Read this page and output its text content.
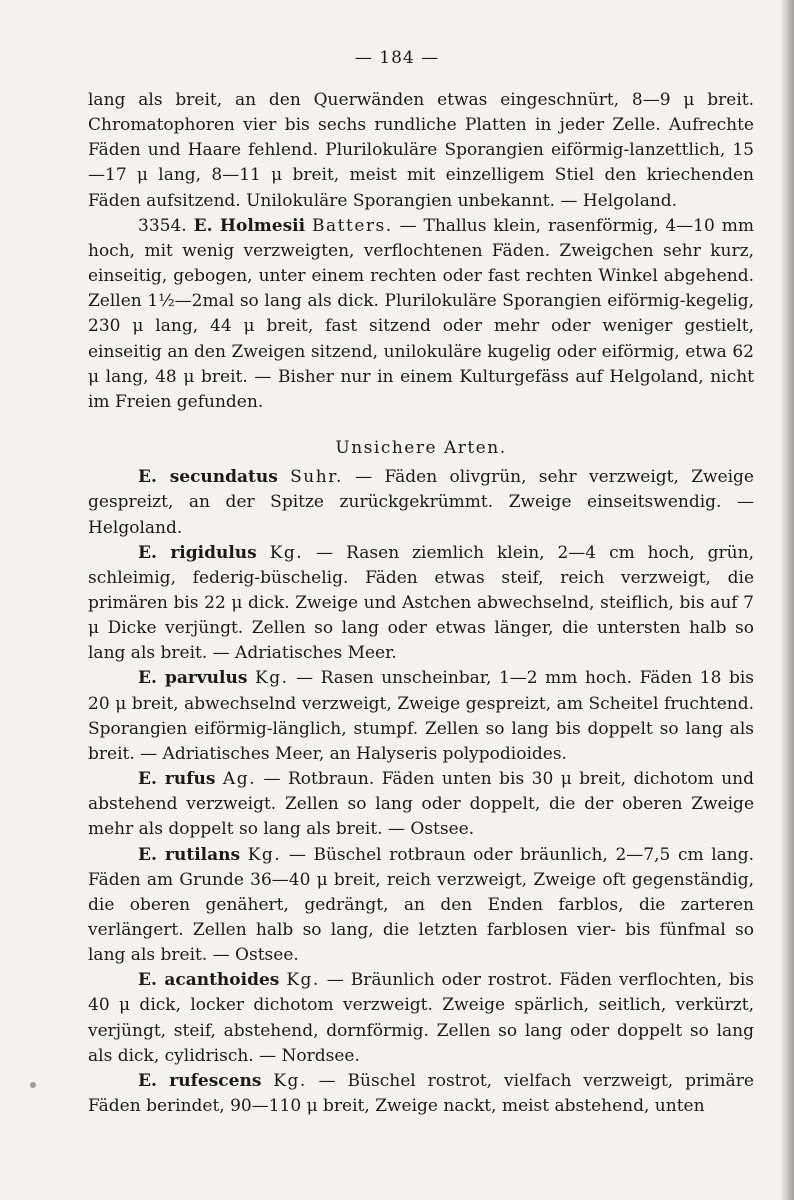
— 184 —

lang als breit, an den Querwänden etwas eingeschnürt, 8—9 μ breit. Chromatophoren vier bis sechs rundliche Platten in jeder Zelle. Aufrechte Fäden und Haare fehlend. Plurilokuläre Sporangien eiförmig-lanzettlich, 15—17 μ lang, 8—11 μ breit, meist mit einzelligem Stiel den kriechenden Fäden aufsitzend. Unilokuläre Sporangien unbekannt. — Helgoland.

3354. E. Holmesii Batters. — Thallus klein, rasenförmig, 4—10 mm hoch, mit wenig verzweigten, verflochtenen Fäden. Zweigchen sehr kurz, einseitig, gebogen, unter einem rechten oder fast rechten Winkel abgehend. Zellen 1½—2mal so lang als dick. Plurilokuläre Sporangien eiförmig-kegelig, 230 μ lang, 44 μ breit, fast sitzend oder mehr oder weniger gestielt, einseitig an den Zweigen sitzend, unilokuläre kugelig oder eiförmig, etwa 62 μ lang, 48 μ breit. — Bisher nur in einem Kulturgefäss auf Helgoland, nicht im Freien gefunden.

Unsichere Arten.

E. secundatus Suhr. — Fäden olivgrün, sehr verzweigt, Zweige gespreizt, an der Spitze zurückgekrümmt. Zweige einseitswendig. — Helgoland.

E. rigidulus Kg. — Rasen ziemlich klein, 2—4 cm hoch, grün, schleimig, federig-büschelig. Fäden etwas steif, reich verzweigt, die primären bis 22 μ dick. Zweige und Astchen abwechselnd, steiflich, bis auf 7 μ Dicke verjüngt. Zellen so lang oder etwas länger, die untersten halb so lang als breit. — Adriatisches Meer.

E. parvulus Kg. — Rasen unscheinbar, 1—2 mm hoch. Fäden 18 bis 20 μ breit, abwechselnd verzweigt, Zweige gespreizt, am Scheitel fruchtend. Sporangien eiförmig-länglich, stumpf. Zellen so lang bis doppelt so lang als breit. — Adriatisches Meer, an Halyseris polypodioides.

E. rufus Ag. — Rotbraun. Fäden unten bis 30 μ breit, dichotom und abstehend verzweigt. Zellen so lang oder doppelt, die der oberen Zweige mehr als doppelt so lang als breit. — Ostsee.

E. rutilans Kg. — Büschel rotbraun oder bräunlich, 2—7,5 cm lang. Fäden am Grunde 36—40 μ breit, reich verzweigt, Zweige oft gegenständig, die oberen genähert, gedrängt, an den Enden farblos, die zarteren verlängert. Zellen halb so lang, die letzten farblosen vier- bis fünfmal so lang als breit. — Ostsee.

E. acanthoides Kg. — Bräunlich oder rostrot. Fäden verflochten, bis 40 μ dick, locker dichotom verzweigt. Zweige spärlich, seitlich, verkürzt, verjüngt, steif, abstehend, dornförmig. Zellen so lang oder doppelt so lang als dick, cylidrisch. — Nordsee.

E. rufescens Kg. — Büschel rostrot, vielfach verzweigt, primäre Fäden berindet, 90—110 μ breit, Zweige nackt, meist abstehend, unten
